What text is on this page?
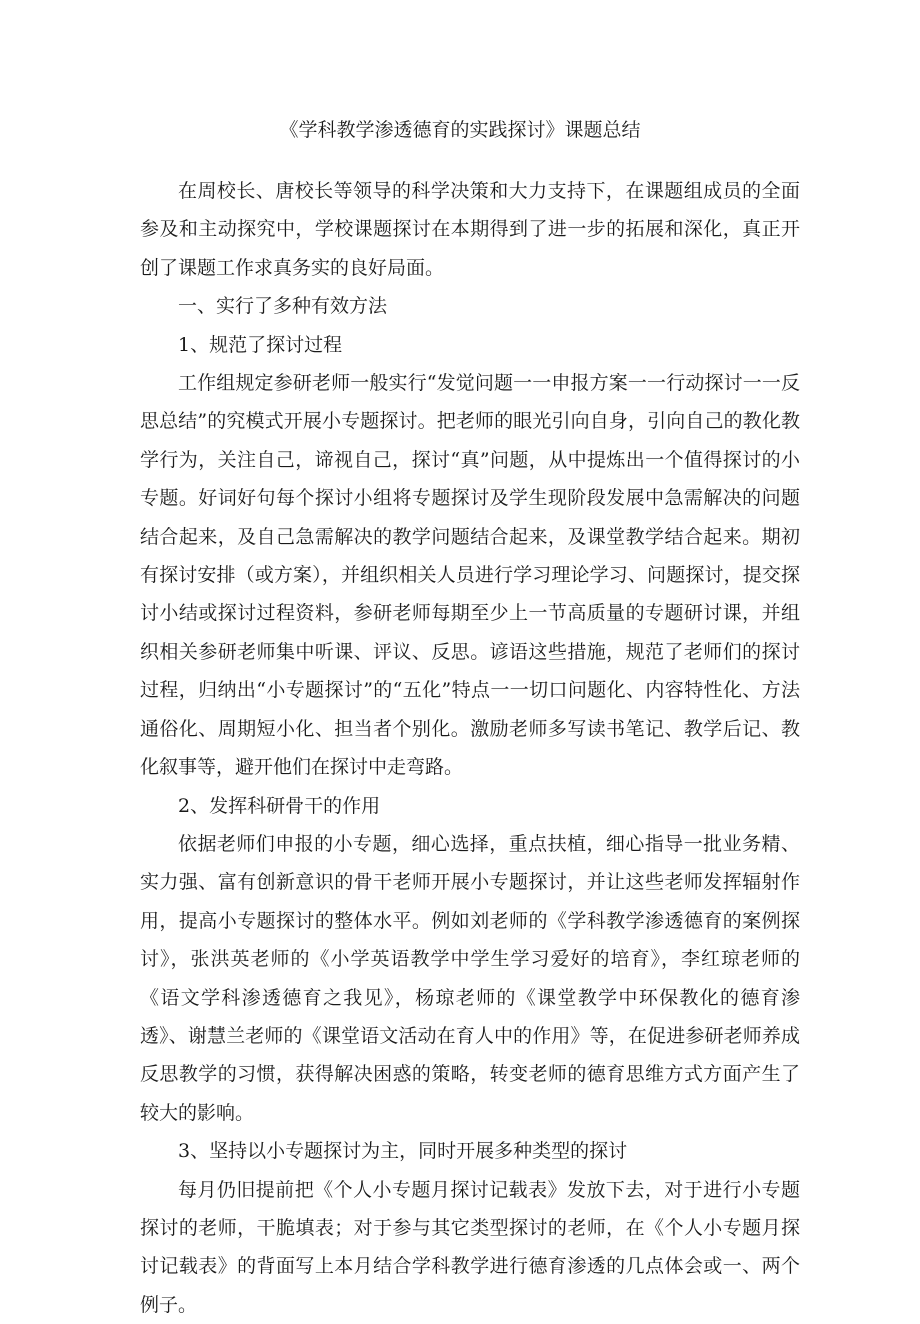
《学科教学渗透德育的实践探讨》课题总结

在周校长、唐校长等领导的科学决策和大力支持下，在课题组成员的全面参及和主动探究中，学校课题探讨在本期得到了进一步的拓展和深化，真正开创了课题工作求真务实的良好局面。

一、实行了多种有效方法

1、规范了探讨过程

工作组规定参研老师一般实行“发觉问题一一申报方案一一行动探讨一一反思总结”的究模式开展小专题探讨。把老师的眼光引向自身，引向自己的教化教学行为，关注自己，谛视自己，探讨“真”问题，从中提炼出一个值得探讨的小专题。好词好句每个探讨小组将专题探讨及学生现阶段发展中急需解决的问题结合起来，及自己急需解决的教学问题结合起来，及课堂教学结合起来。期初有探讨安排（或方案），并组织相关人员进行学习理论学习、问题探讨，提交探讨小结或探讨过程资料，参研老师每期至少上一节高质量的专题研讨课，并组织相关参研老师集中听课、评议、反思。谚语这些措施，规范了老师们的探讨过程，归纳出“小专题探讨”的“五化”特点一一切口问题化、内容特性化、方法通俗化、周期短小化、担当者个别化。激励老师多写读书笔记、教学后记、教化叙事等，避开他们在探讨中走弯路。

2、发挥科研骨干的作用

依据老师们申报的小专题，细心选择，重点扶植，细心指导一批业务精、实力强、富有创新意识的骨干老师开展小专题探讨，并让这些老师发挥辐射作用，提高小专题探讨的整体水平。例如刘老师的《学科教学渗透德育的案例探讨》，张洪英老师的《小学英语教学中学生学习爱好的培育》，李红琼老师的《语文学科渗透德育之我见》，杨琼老师的《课堂教学中环保教化的德育渗透》、谢慧兰老师的《课堂语文活动在育人中的作用》等，在促进参研老师养成反思教学的习惯，获得解决困惑的策略，转变老师的德育思维方式方面产生了较大的影响。

3、坚持以小专题探讨为主，同时开展多种类型的探讨

每月仍旧提前把《个人小专题月探讨记载表》发放下去，对于进行小专题探讨的老师，干脆填表；对于参与其它类型探讨的老师，在《个人小专题月探讨记载表》的背面写上本月结合学科教学进行德育渗透的几点体会或一、两个例子。
